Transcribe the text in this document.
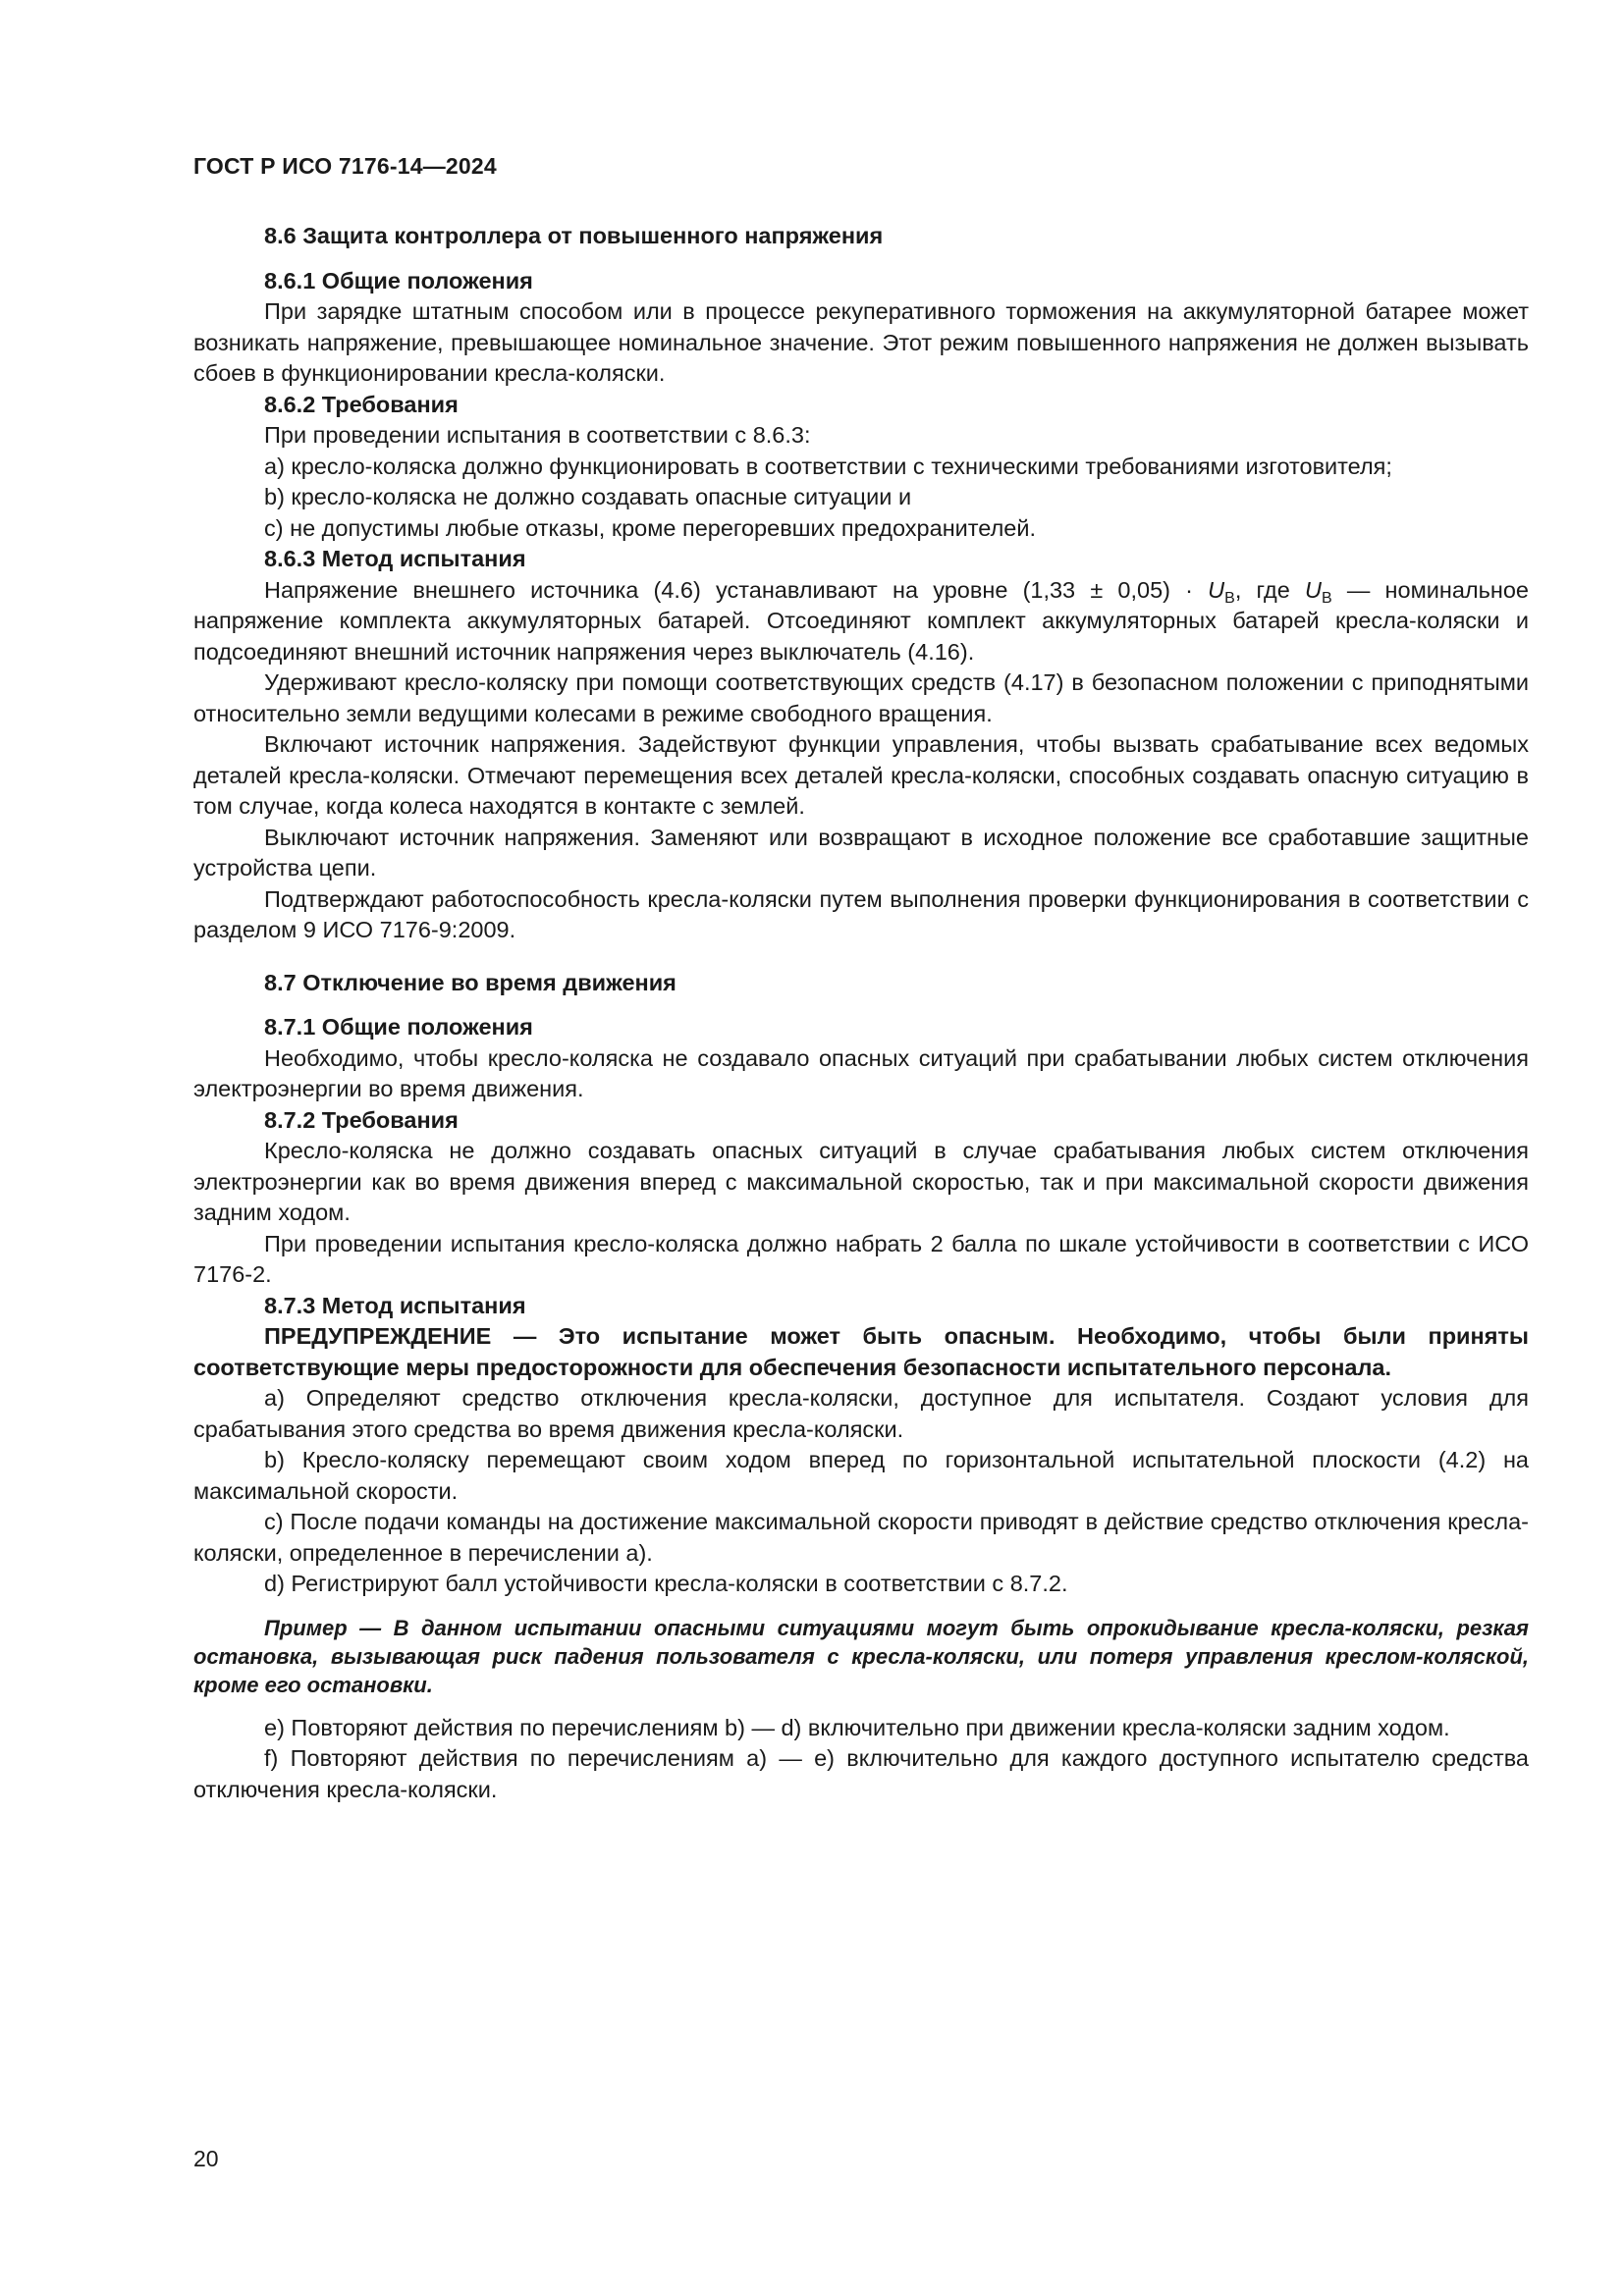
ГОСТ Р ИСО 7176-14—2024

8.6 Защита контроллера от повышенного напряжения

8.6.1 Общие положения

При зарядке штатным способом или в процессе рекуперативного торможения на аккумуляторной батарее может возникать напряжение, превышающее номинальное значение. Этот режим повышенного напряжения не должен вызывать сбоев в функционировании кресла-коляски.

8.6.2 Требования

При проведении испытания в соответствии с 8.6.3:

a) кресло-коляска должно функционировать в соответствии с техническими требованиями изготовителя;

b) кресло-коляска не должно создавать опасные ситуации и

c) не допустимы любые отказы, кроме перегоревших предохранителей.

8.6.3 Метод испытания

Напряжение внешнего источника (4.6) устанавливают на уровне $(1,33 \pm 0,05) \cdot U_B$, где $U_B$ — номинальное напряжение комплекта аккумуляторных батарей. Отсоединяют комплект аккумуляторных батарей кресла-коляски и подсоединяют внешний источник напряжения через выключатель (4.16).

Удерживают кресло-коляску при помощи соответствующих средств (4.17) в безопасном положении с приподнятыми относительно земли ведущими колесами в режиме свободного вращения.

Включают источник напряжения. Задействуют функции управления, чтобы вызвать срабатывание всех ведомых деталей кресла-коляски. Отмечают перемещения всех деталей кресла-коляски, способных создавать опасную ситуацию в том случае, когда колеса находятся в контакте с землей.

Выключают источник напряжения. Заменяют или возвращают в исходное положение все сработавшие защитные устройства цепи.

Подтверждают работоспособность кресла-коляски путем выполнения проверки функционирования в соответствии с разделом 9 ИСО 7176-9:2009.

8.7 Отключение во время движения

8.7.1 Общие положения

Необходимо, чтобы кресло-коляска не создавало опасных ситуаций при срабатывании любых систем отключения электроэнергии во время движения.

8.7.2 Требования

Кресло-коляска не должно создавать опасных ситуаций в случае срабатывания любых систем отключения электроэнергии как во время движения вперед с максимальной скоростью, так и при максимальной скорости движения задним ходом.

При проведении испытания кресло-коляска должно набрать 2 балла по шкале устойчивости в соответствии с ИСО 7176-2.

8.7.3 Метод испытания

ПРЕДУПРЕЖДЕНИЕ — Это испытание может быть опасным. Необходимо, чтобы были приняты соответствующие меры предосторожности для обеспечения безопасности испытательного персонала.

a) Определяют средство отключения кресла-коляски, доступное для испытателя. Создают условия для срабатывания этого средства во время движения кресла-коляски.

b) Кресло-коляску перемещают своим ходом вперед по горизонтальной испытательной плоскости (4.2) на максимальной скорости.

c) После подачи команды на достижение максимальной скорости приводят в действие средство отключения кресла-коляски, определенное в перечислении a).

d) Регистрируют балл устойчивости кресла-коляски в соответствии с 8.7.2.

Пример — В данном испытании опасными ситуациями могут быть опрокидывание кресла-коляски, резкая остановка, вызывающая риск падения пользователя с кресла-коляски, или потеря управления креслом-коляской, кроме его остановки.

e) Повторяют действия по перечислениям b) — d) включительно при движении кресла-коляски задним ходом.

f) Повторяют действия по перечислениям a) — e) включительно для каждого доступного испытателю средства отключения кресла-коляски.

20
